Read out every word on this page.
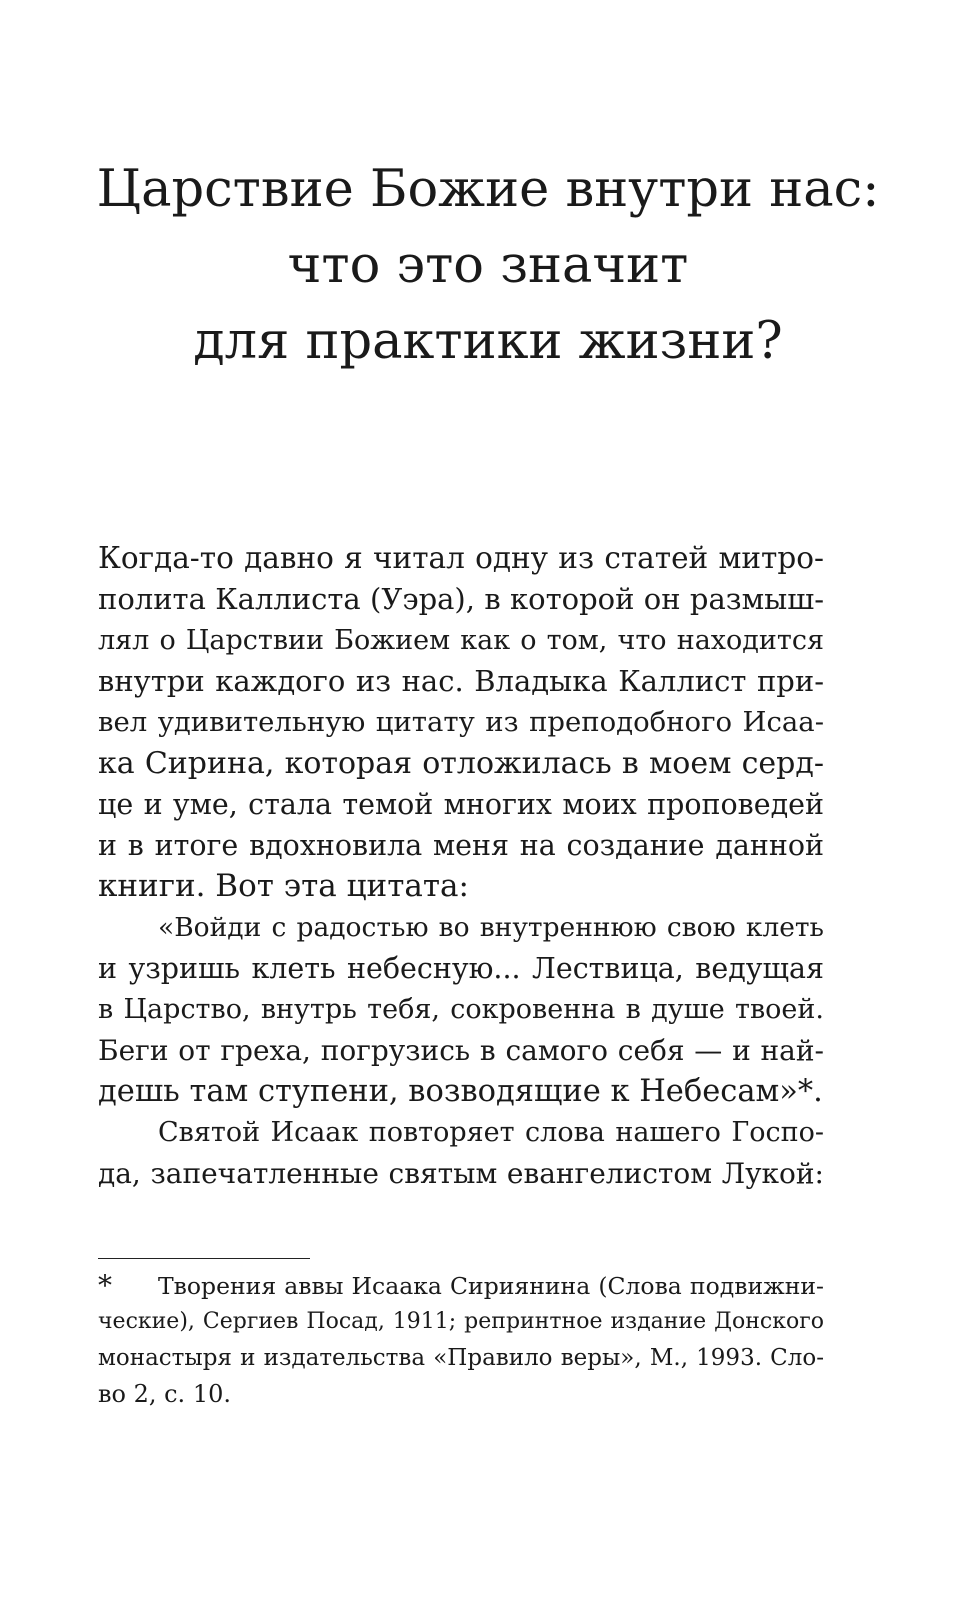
Царствие Божие внутри нас:
что это значит
для практики жизни?
Когда-то давно я читал одну из статей митро-
полита Каллиста (Уэра), в которой он размыш-
лял о Царствии Божием как о том, что находится
внутри каждого из нас. Владыка Каллист при-
вел удивительную цитату из преподобного Исаа-
ка Сирина, которая отложилась в моем серд-
це и уме, стала темой многих моих проповедей
и в итоге вдохновила меня на создание данной
книги. Вот эта цитата:
«Войди с радостью во внутреннюю свою клеть
и узришь клеть небесную... Лествица, ведущая
в Царство, внутрь тебя, сокровенна в душе твоей.
Беги от греха, погрузись в самого себя — и най-
дешь там ступени, возводящие к Небесам»*.
Святой Исаак повторяет слова нашего Госпо-
да, запечатленные святым евангелистом Лукой:
*	Творения аввы Исаака Сириянина (Слова подвижни-
ческие), Сергиев Посад, 1911; репринтное издание Донского
монастыря и издательства «Правило веры», М., 1993. Сло-
во 2, с. 10.
